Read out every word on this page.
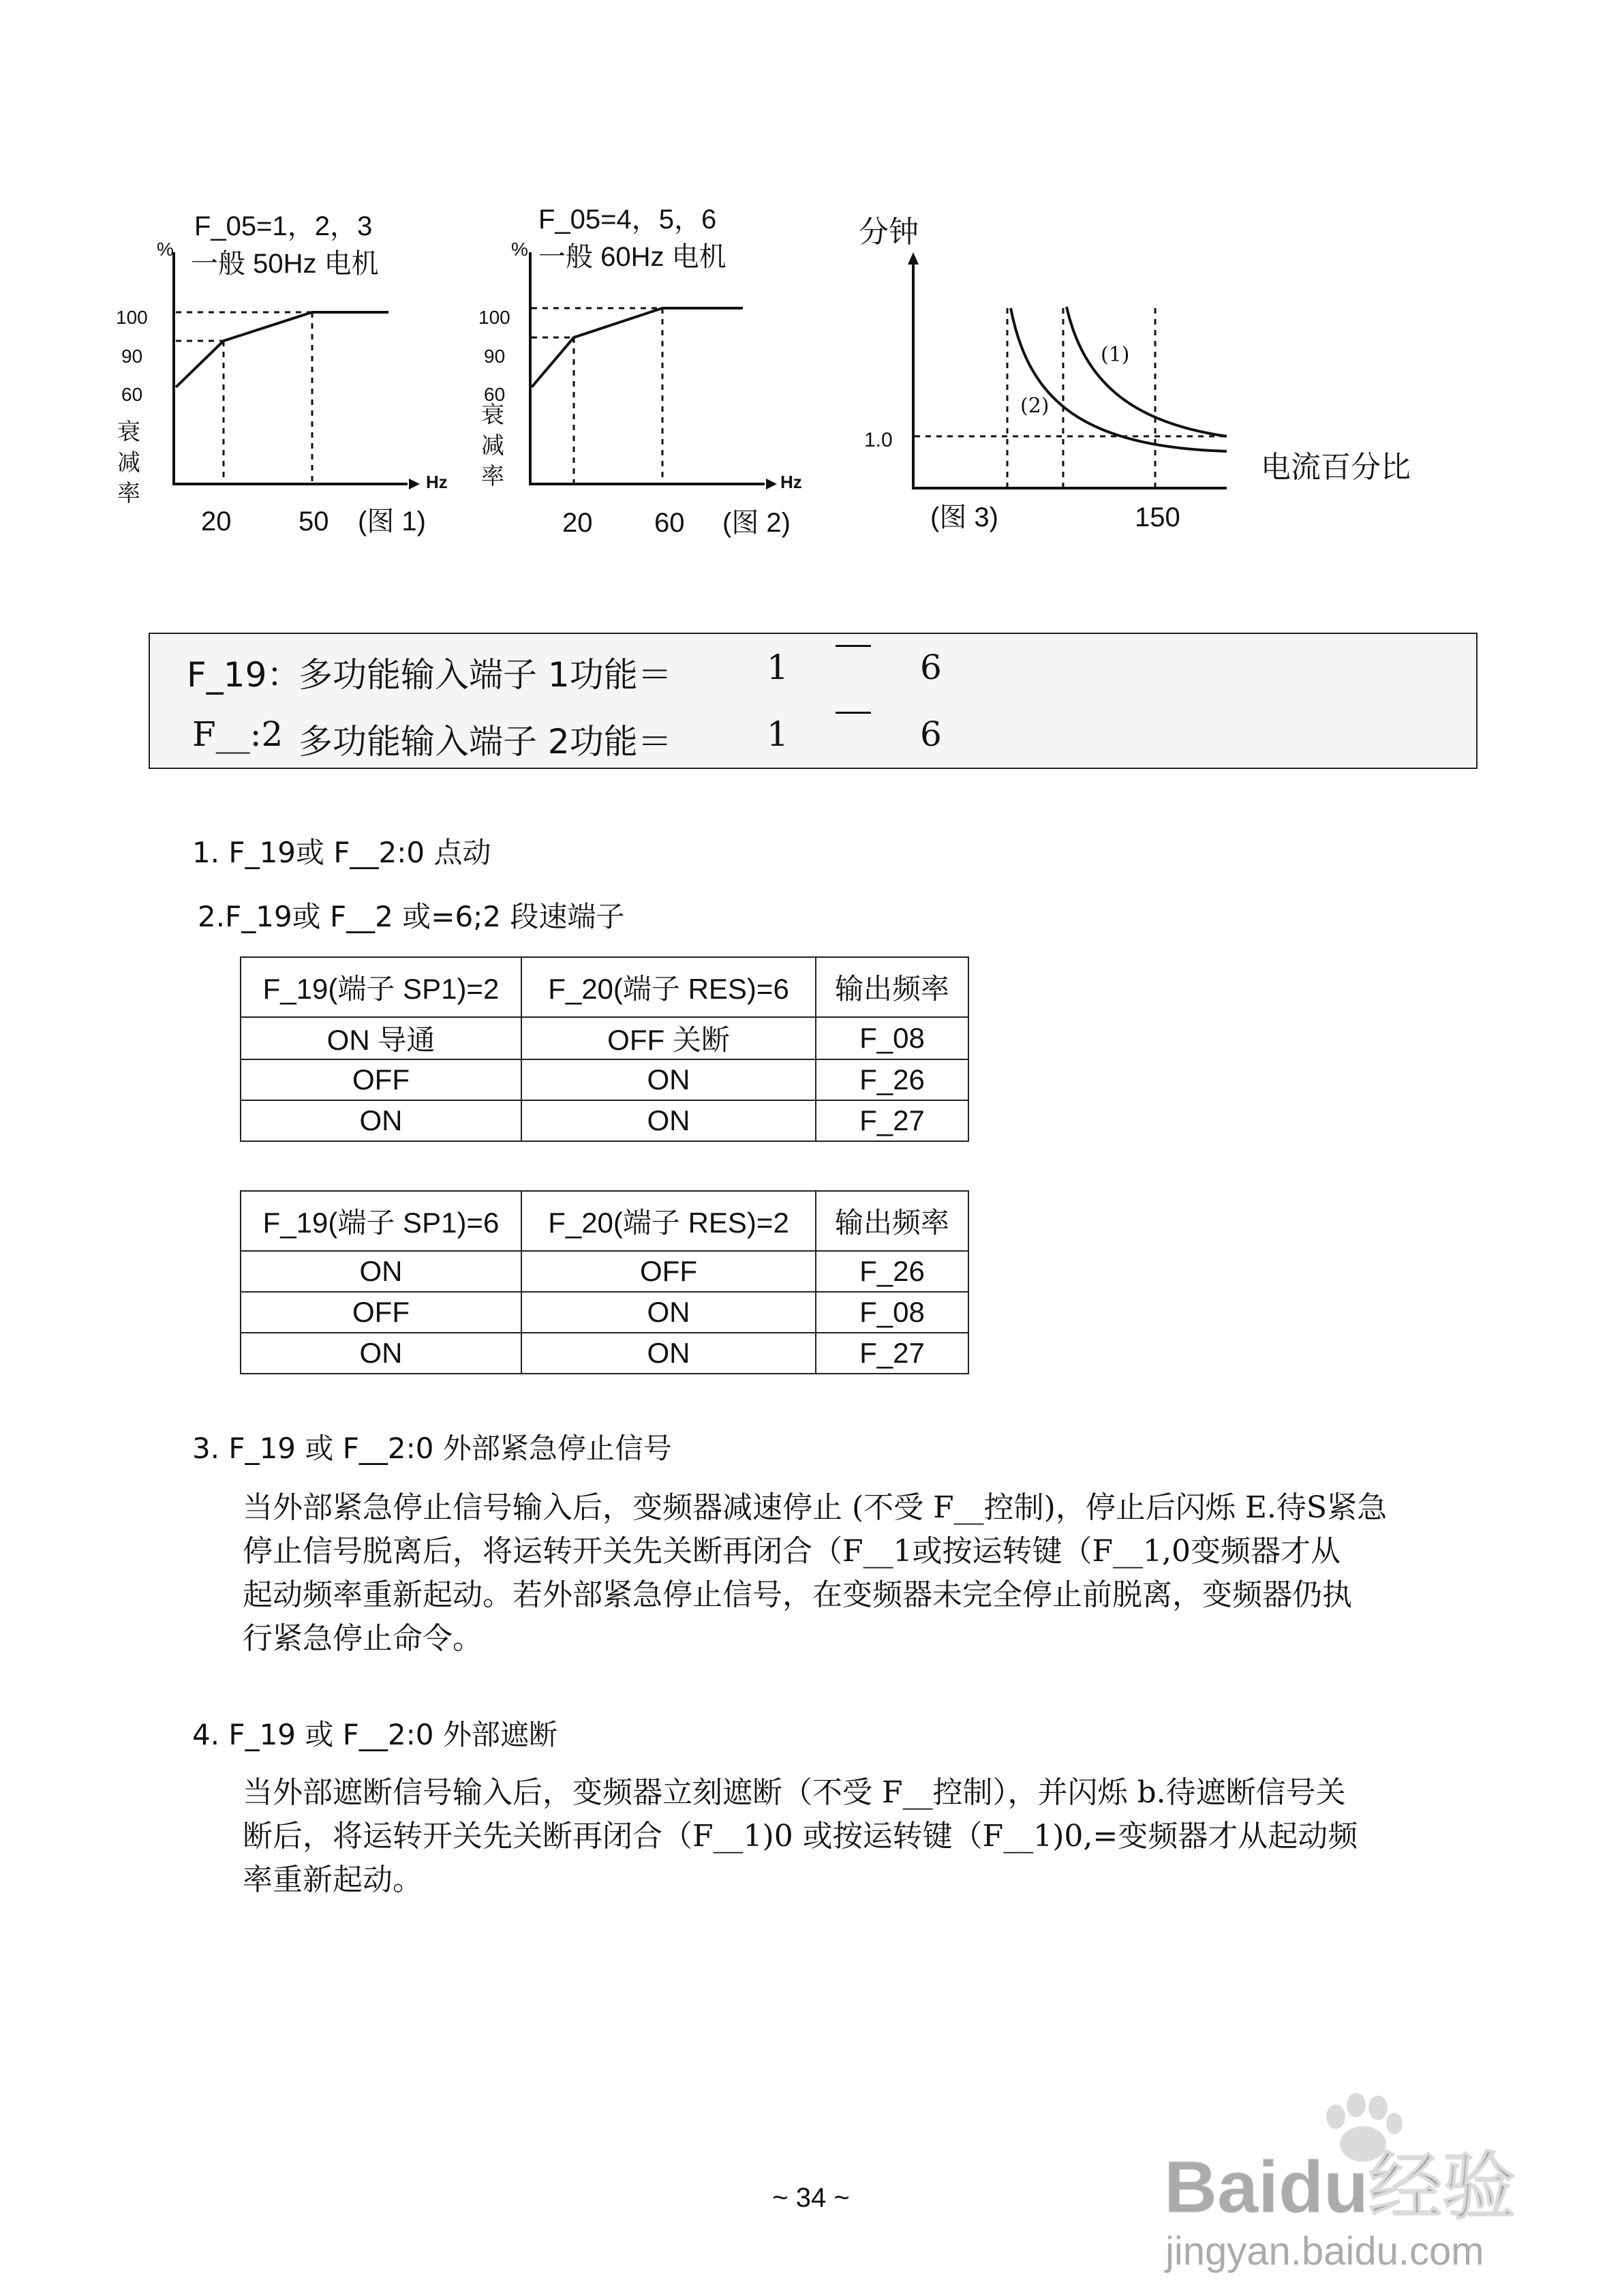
F_05=1，2，3
% 一般 50Hz 电机
100
90
60
衰
减
率	Hz
20 50 (图 1)
F_05=4，5，6
% 一般 60Hz 电机
100
90
60
衰
减
率	Hz
20 60 (图 2)
分钟
1.0
(1)
(2)
电流百分比
(图 3)	150
F_19：
多功能输入端子 1功能＝	1	6
F__:2 多功能输入端子 2功能＝	1	6
1. F_19或 F__2:0 点动
2.F_19或 F__2 或=6;2 段速端子
F_19(端子 SP1)=2	F_20(端子 RES)=6	输出频率
ON 导通	OFF 关断	F_08
OFF	ON	F_26
ON	ON	F_27
F_19(端子 SP1)=6	F_20(端子 RES)=2	输出频率
ON	OFF	F_26
OFF	ON	F_08
ON	ON	F_27
3. F_19 或 F__2:0 外部紧急停止信号
当外部紧急停止信号输入后，变频器减速停止 (不受 F__控制)，停止后闪烁 E.待S紧急
停止信号脱离后，将运转开关先关断再闭合（F__1或按运转键（F__1,0变频器才从
起动频率重新起动。若外部紧急停止信号，在变频器未完全停止前脱离，变频器仍执
行紧急停止命令。
4. F_19 或 F__2:0 外部遮断
当外部遮断信号输入后，变频器立刻遮断（不受 F__控制），并闪烁 b.待遮断信号关
断后，将运转开关先关断再闭合（F__1)0 或按运转键（F__1)0,=变频器才从起动频
率重新起动。
Baidu经验
jingyan.baidu.com
~ 34 ~
